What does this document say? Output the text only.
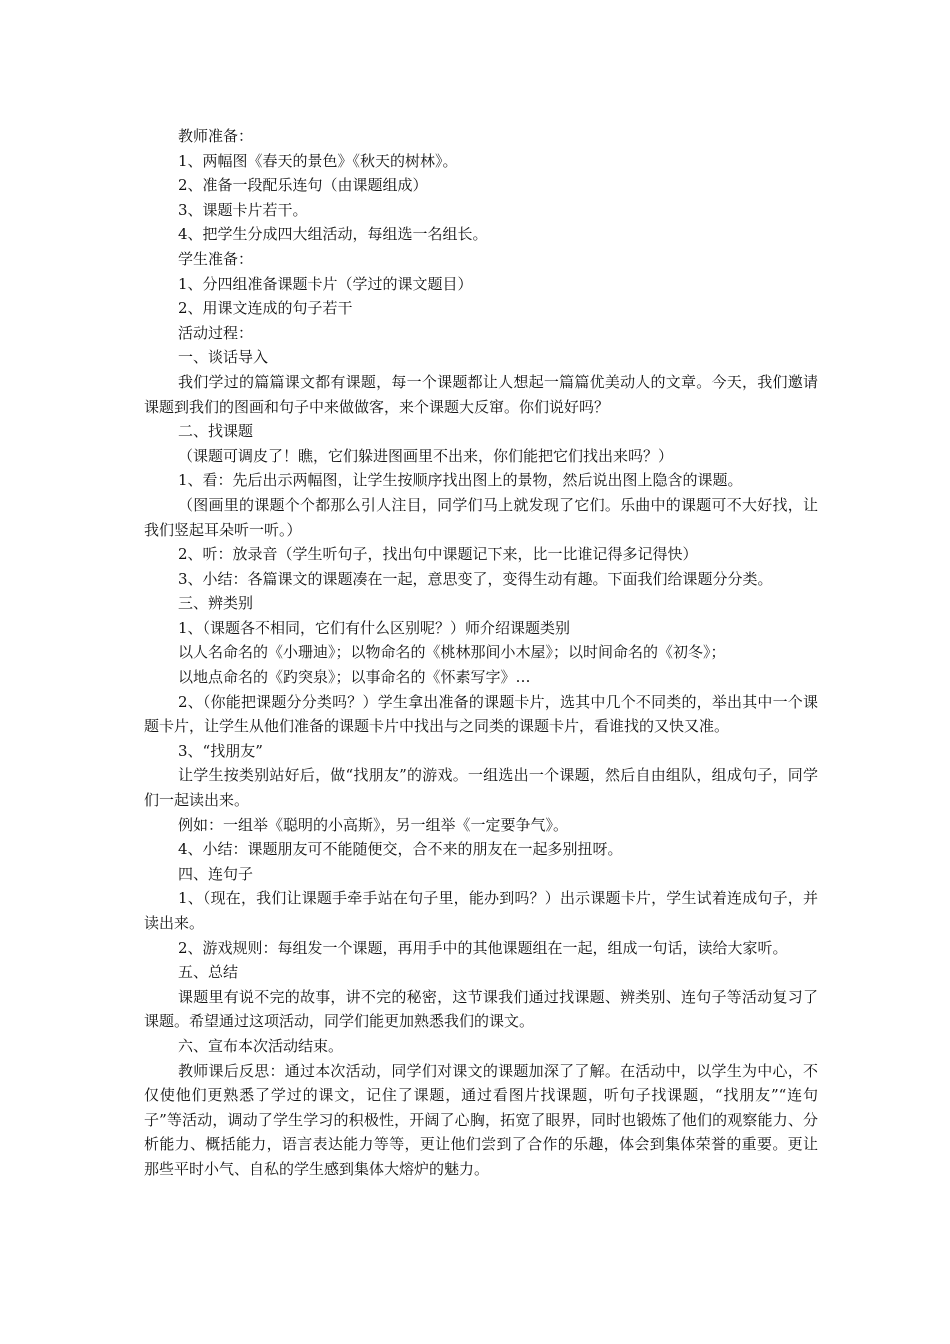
教师准备：

1、两幅图《春天的景色》《秋天的树林》。

2、准备一段配乐连句（由课题组成）

3、课题卡片若干。

4、把学生分成四大组活动，每组选一名组长。

学生准备：

1、分四组准备课题卡片（学过的课文题目）

2、用课文连成的句子若干

活动过程：

一、谈话导入

我们学过的篇篇课文都有课题，每一个课题都让人想起一篇篇优美动人的文章。今天，我们邀请课题到我们的图画和句子中来做做客，来个课题大反窜。你们说好吗？

二、找课题

（课题可调皮了！瞧，它们躲进图画里不出来，你们能把它们找出来吗？）

1、看：先后出示两幅图，让学生按顺序找出图上的景物，然后说出图上隐含的课题。

（图画里的课题个个都那么引人注目，同学们马上就发现了它们。乐曲中的课题可不大好找，让我们竖起耳朵听一听。）

2、听：放录音（学生听句子，找出句中课题记下来，比一比谁记得多记得快）

3、小结：各篇课文的课题凑在一起，意思变了，变得生动有趣。下面我们给课题分分类。

三、辨类别

1、（课题各不相同，它们有什么区别呢？）师介绍课题类别

以人名命名的《小珊迪》；以物命名的《桃林那间小木屋》；以时间命名的《初冬》；

以地点命名的《趵突泉》；以事命名的《怀素写字》…

2、（你能把课题分分类吗？）学生拿出准备的课题卡片，选其中几个不同类的，举出其中一个课题卡片，让学生从他们准备的课题卡片中找出与之同类的课题卡片，看谁找的又快又准。

3、“找朋友”

让学生按类别站好后，做“找朋友”的游戏。一组选出一个课题，然后自由组队，组成句子，同学们一起读出来。

例如：一组举《聪明的小高斯》，另一组举《一定要争气》。

4、小结：课题朋友可不能随便交，合不来的朋友在一起多别扭呀。

四、连句子

1、（现在，我们让课题手牵手站在句子里，能办到吗？）出示课题卡片，学生试着连成句子，并读出来。

2、游戏规则：每组发一个课题，再用手中的其他课题组在一起，组成一句话，读给大家听。

五、总结

课题里有说不完的故事，讲不完的秘密，这节课我们通过找课题、辨类别、连句子等活动复习了课题。希望通过这项活动，同学们能更加熟悉我们的课文。

六、宣布本次活动结束。

教师课后反思：通过本次活动，同学们对课文的课题加深了了解。在活动中，以学生为中心，不仅使他们更熟悉了学过的课文，记住了课题，通过看图片找课题，听句子找课题，“找朋友”“连句子”等活动，调动了学生学习的积极性，开阔了心胸，拓宽了眼界，同时也锻炼了他们的观察能力、分析能力、概括能力，语言表达能力等等，更让他们尝到了合作的乐趣，体会到集体荣誉的重要。更让那些平时小气、自私的学生感到集体大熔炉的魅力。
